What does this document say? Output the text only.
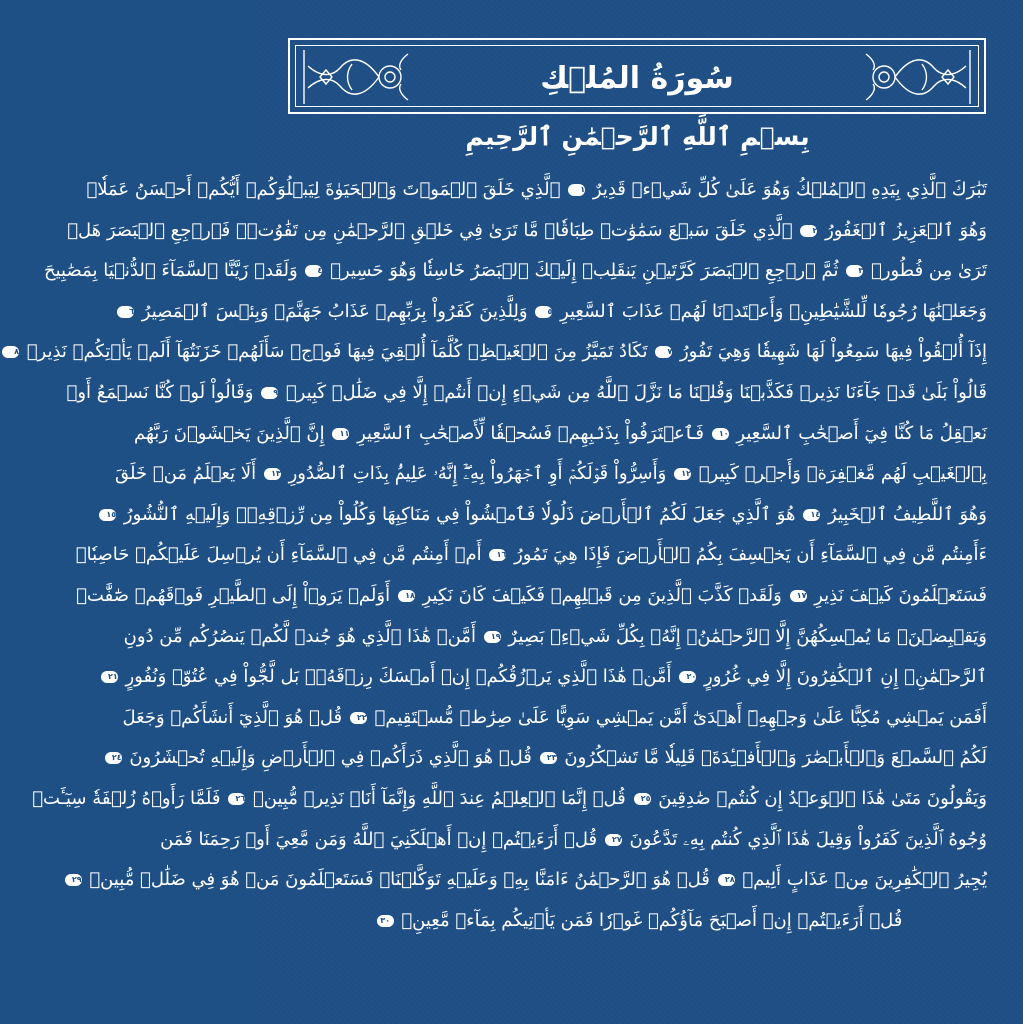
سُورَةُ المُلۡكِ
بِسۡمِ ٱللَّهِ ٱلرَّحۡمَٰنِ ٱلرَّحِيمِ
تَبَٰرَكَ ٱلَّذِي بِيَدِهِ ٱلۡمُلۡكُ وَهُوَ عَلَىٰ كُلِّ شَيۡءٖ قَدِيرٌ ١ ٱلَّذِي خَلَقَ ٱلۡمَوۡتَ وَٱلۡحَيَوٰةَ لِيَبۡلُوَكُمۡ أَيُّكُمۡ أَحۡسَنُ عَمَلٗاۚ
وَهُوَ ٱلۡعَزِيزُ ٱلۡغَفُورُ ٢ ٱلَّذِي خَلَقَ سَبۡعَ سَمَٰوَٰتٖ طِبَاقٗاۖ مَّا تَرَىٰ فِي خَلۡقِ ٱلرَّحۡمَٰنِ مِن تَفَٰوُتٖۖ فَٱرۡجِعِ ٱلۡبَصَرَ هَلۡ
تَرَىٰ مِن فُطُورٖ ٣ ثُمَّ ٱرۡجِعِ ٱلۡبَصَرَ كَرَّتَيۡنِ يَنقَلِبۡ إِلَيۡكَ ٱلۡبَصَرُ خَاسِئٗا وَهُوَ حَسِيرٞ ٤ وَلَقَدۡ زَيَّنَّا ٱلسَّمَآءَ ٱلدُّنۡيَا بِمَصَٰبِيحَ
وَجَعَلۡنَٰهَا رُجُومٗا لِّلشَّيَٰطِينِۖ وَأَعۡتَدۡنَا لَهُمۡ عَذَابَ ٱلسَّعِيرِ ٥ وَلِلَّذِينَ كَفَرُواْ بِرَبِّهِمۡ عَذَابُ جَهَنَّمَۖ وَبِئۡسَ ٱلۡمَصِيرُ ٦
إِذَآ أُلۡقُواْ فِيهَا سَمِعُواْ لَهَا شَهِيقٗا وَهِيَ تَفُورُ ٧ تَكَادُ تَمَيَّزُ مِنَ ٱلۡغَيۡظِۖ كُلَّمَآ أُلۡقِيَ فِيهَا فَوۡجٞ سَأَلَهُمۡ خَزَنَتُهَآ أَلَمۡ يَأۡتِكُمۡ نَذِيرٞ ٨
قَالُواْ بَلَىٰ قَدۡ جَآءَنَا نَذِيرٞ فَكَذَّبۡنَا وَقُلۡنَا مَا نَزَّلَ ٱللَّهُ مِن شَيۡءٍ إِنۡ أَنتُمۡ إِلَّا فِي ضَلَٰلٖ كَبِيرٖ ٩ وَقَالُواْ لَوۡ كُنَّا نَسۡمَعُ أَوۡ
نَعۡقِلُ مَا كُنَّا فِيٓ أَصۡحَٰبِ ٱلسَّعِيرِ ١٠ فَٱعۡتَرَفُواْ بِذَنۢبِهِمۡ فَسُحۡقٗا لِّأَصۡحَٰبِ ٱلسَّعِيرِ ١١ إِنَّ ٱلَّذِينَ يَخۡشَوۡنَ رَبَّهُم
بِٱلۡغَيۡبِ لَهُم مَّغۡفِرَةٞ وَأَجۡرٞ كَبِيرٞ ١٢ وَأَسِرُّواْ قَوۡلَكُمۡ أَوِ ٱجۡهَرُواْ بِهِۦٓۖ إِنَّهُۥ عَلِيمُۢ بِذَاتِ ٱلصُّدُورِ ١٣ أَلَا يَعۡلَمُ مَنۡ خَلَقَ
وَهُوَ ٱللَّطِيفُ ٱلۡخَبِيرُ ١٤ هُوَ ٱلَّذِي جَعَلَ لَكُمُ ٱلۡأَرۡضَ ذَلُولٗا فَٱمۡشُواْ فِي مَنَاكِبِهَا وَكُلُواْ مِن رِّزۡقِهِۦۖ وَإِلَيۡهِ ٱلنُّشُورُ ١٥
ءَأَمِنتُم مَّن فِي ٱلسَّمَآءِ أَن يَخۡسِفَ بِكُمُ ٱلۡأَرۡضَ فَإِذَا هِيَ تَمُورُ ١٦ أَمۡ أَمِنتُم مَّن فِي ٱلسَّمَآءِ أَن يُرۡسِلَ عَلَيۡكُمۡ حَاصِبٗاۖ
فَسَتَعۡلَمُونَ كَيۡفَ نَذِيرِ ١٧ وَلَقَدۡ كَذَّبَ ٱلَّذِينَ مِن قَبۡلِهِمۡ فَكَيۡفَ كَانَ نَكِيرِ ١٨ أَوَلَمۡ يَرَوۡاْ إِلَى ٱلطَّيۡرِ فَوۡقَهُمۡ صَٰٓفَّٰتٖ
وَيَقۡبِضۡنَۚ مَا يُمۡسِكُهُنَّ إِلَّا ٱلرَّحۡمَٰنُۚ إِنَّهُۥ بِكُلِّ شَيۡءِۢ بَصِيرٌ ١٩ أَمَّنۡ هَٰذَا ٱلَّذِي هُوَ جُندٞ لَّكُمۡ يَنصُرُكُم مِّن دُونِ
ٱلرَّحۡمَٰنِۚ إِنِ ٱلۡكَٰفِرُونَ إِلَّا فِي غُرُورٍ ٢٠ أَمَّنۡ هَٰذَا ٱلَّذِي يَرۡزُقُكُمۡ إِنۡ أَمۡسَكَ رِزۡقَهُۥۚ بَل لَّجُّواْ فِي عُتُوّٖ وَنُفُورٍ ٢١
أَفَمَن يَمۡشِي مُكِبًّا عَلَىٰ وَجۡهِهِۦٓ أَهۡدَىٰٓ أَمَّن يَمۡشِي سَوِيًّا عَلَىٰ صِرَٰطٖ مُّسۡتَقِيمٖ ٢٢ قُلۡ هُوَ ٱلَّذِيٓ أَنشَأَكُمۡ وَجَعَلَ
لَكُمُ ٱلسَّمۡعَ وَٱلۡأَبۡصَٰرَ وَٱلۡأَفۡـِٔدَةَۚ قَلِيلٗا مَّا تَشۡكُرُونَ ٢٣ قُلۡ هُوَ ٱلَّذِي ذَرَأَكُمۡ فِي ٱلۡأَرۡضِ وَإِلَيۡهِ تُحۡشَرُونَ ٢٤
وَيَقُولُونَ مَتَىٰ هَٰذَا ٱلۡوَعۡدُ إِن كُنتُمۡ صَٰدِقِينَ ٢٥ قُلۡ إِنَّمَا ٱلۡعِلۡمُ عِندَ ٱللَّهِ وَإِنَّمَآ أَنَا۠ نَذِيرٞ مُّبِينٞ ٢٦ فَلَمَّا رَأَوۡهُ زُلۡفَةٗ سِيٓـَٔتۡ
وُجُوهُ ٱلَّذِينَ كَفَرُواْ وَقِيلَ هَٰذَا ٱلَّذِي كُنتُم بِهِۦ تَدَّعُونَ ٢٧ قُلۡ أَرَءَيۡتُمۡ إِنۡ أَهۡلَكَنِيَ ٱللَّهُ وَمَن مَّعِيَ أَوۡ رَحِمَنَا فَمَن
يُجِيرُ ٱلۡكَٰفِرِينَ مِنۡ عَذَابٍ أَلِيمٖ ٢٨ قُلۡ هُوَ ٱلرَّحۡمَٰنُ ءَامَنَّا بِهِۦ وَعَلَيۡهِ تَوَكَّلۡنَاۖ فَسَتَعۡلَمُونَ مَنۡ هُوَ فِي ضَلَٰلٖ مُّبِينٖ ٢٩
قُلۡ أَرَءَيۡتُمۡ إِنۡ أَصۡبَحَ مَآؤُكُمۡ غَوۡرٗا فَمَن يَأۡتِيكُم بِمَآءٖ مَّعِينِۭ ٣٠
